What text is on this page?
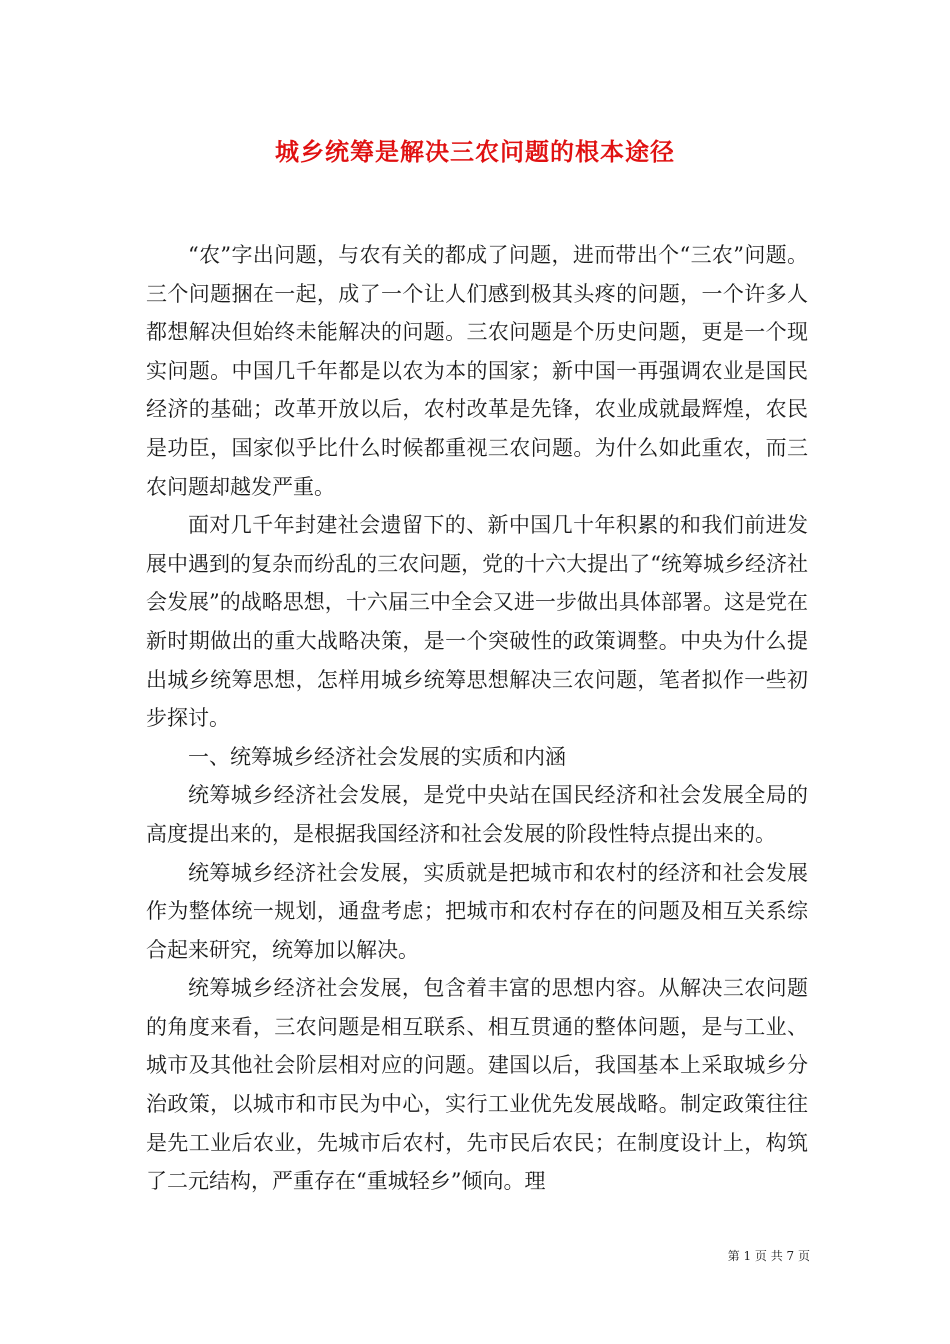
城乡统筹是解决三农问题的根本途径

“农”字出问题，与农有关的都成了问题，进而带出个“三农”问题。三个问题捆在一起，成了一个让人们感到极其头疼的问题，一个许多人都想解决但始终未能解决的问题。三农问题是个历史问题，更是一个现实问题。中国几千年都是以农为本的国家；新中国一再强调农业是国民经济的基础；改革开放以后，农村改革是先锋，农业成就最辉煌，农民是功臣，国家似乎比什么时候都重视三农问题。为什么如此重农，而三农问题却越发严重。

面对几千年封建社会遗留下的、新中国几十年积累的和我们前进发展中遇到的复杂而纷乱的三农问题，党的十六大提出了“统筹城乡经济社会发展”的战略思想，十六届三中全会又进一步做出具体部署。这是党在新时期做出的重大战略决策，是一个突破性的政策调整。中央为什么提出城乡统筹思想，怎样用城乡统筹思想解决三农问题，笔者拟作一些初步探讨。

一、统筹城乡经济社会发展的实质和内涵

统筹城乡经济社会发展，是党中央站在国民经济和社会发展全局的高度提出来的，是根据我国经济和社会发展的阶段性特点提出来的。

统筹城乡经济社会发展，实质就是把城市和农村的经济和社会发展作为整体统一规划，通盘考虑；把城市和农村存在的问题及相互关系综合起来研究，统筹加以解决。

统筹城乡经济社会发展，包含着丰富的思想内容。从解决三农问题的角度来看，三农问题是相互联系、相互贯通的整体问题，是与工业、城市及其他社会阶层相对应的问题。建国以后，我国基本上采取城乡分治政策，以城市和市民为中心，实行工业优先发展战略。制定政策往往是先工业后农业，先城市后农村，先市民后农民；在制度设计上，构筑了二元结构，严重存在“重城轻乡”倾向。理

第 1 页 共 7 页
